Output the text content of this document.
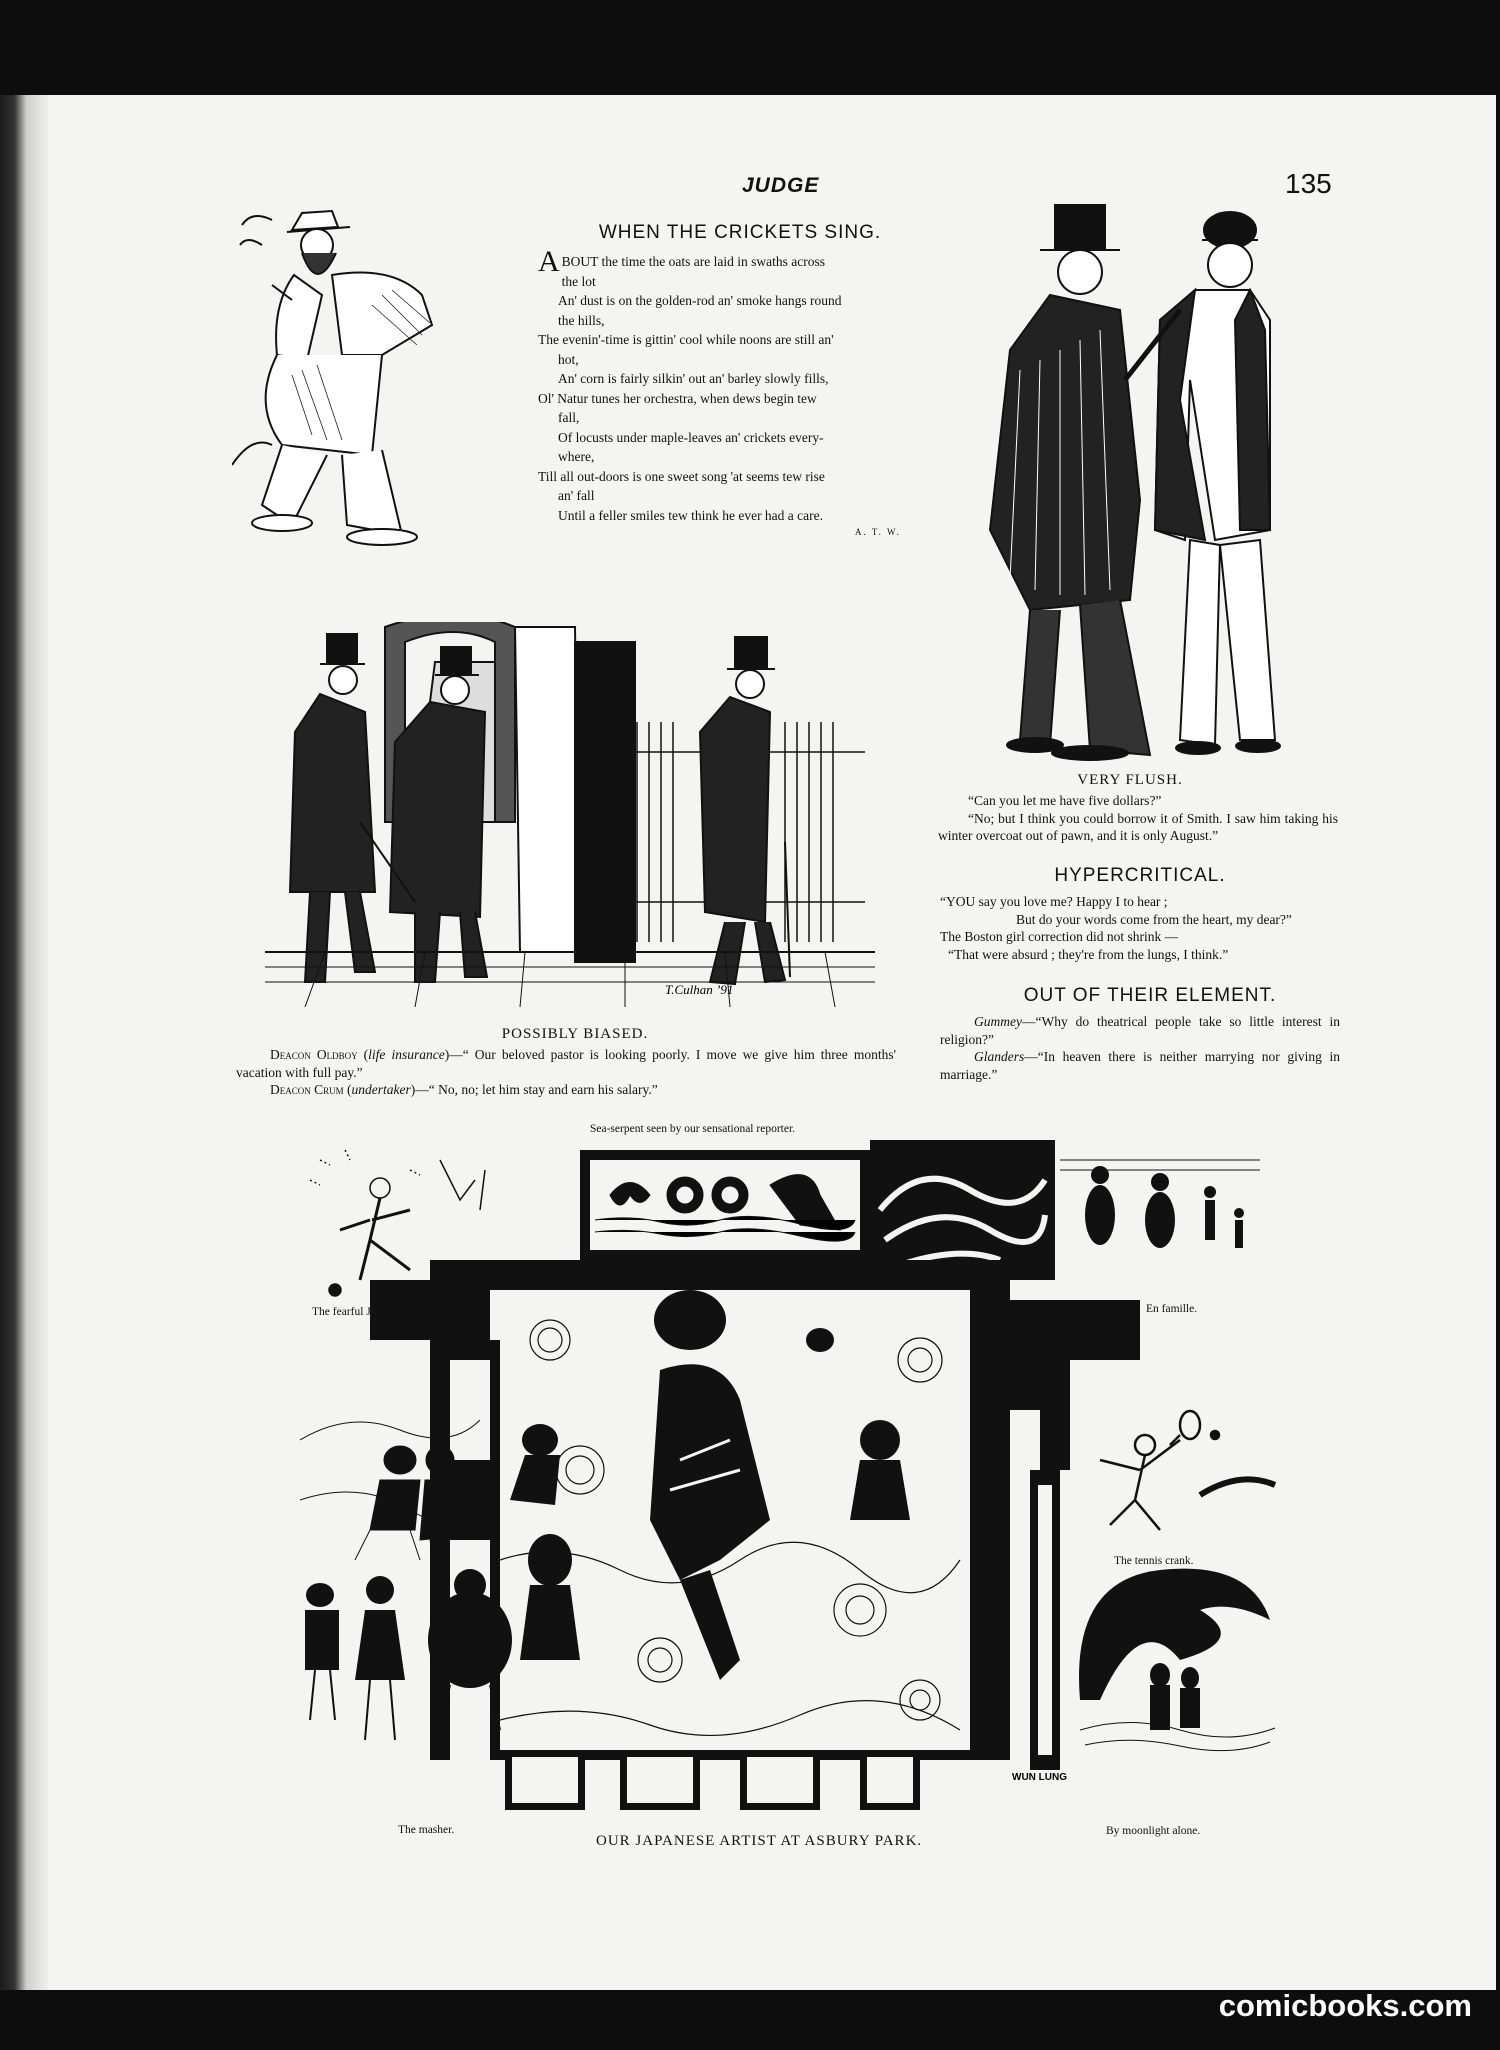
JUDGE	135
WHEN THE CRICKETS SING.
A BOUT the time the oats are laid in swaths across
the lot
An' dust is on the golden-rod an' smoke hangs round
the hills,
The evenin'-time is gittin' cool while noons are still an'
hot,
An' corn is fairly silkin' out an' barley slowly fills,
Ol' Natur tunes her orchestra, when dews begin tew
fall,
Of locusts under maple-leaves an' crickets every-
where,
Till all out-doors is one sweet song 'at seems tew rise
an' fall
Until a feller smiles tew think he ever had a care.
A. T. W.
VERY FLUSH.

“Can you let me have five dollars?”

“No; but I think you could borrow it of Smith. I saw him taking his winter overcoat out of pawn, and it is only August.”

T.Culhan ’91
POSSIBLY BIASED.

Deacon Oldboy (life insurance)—“ Our beloved pastor is looking poorly. I move we give him three months' vacation with full pay.”

Deacon Crum (undertaker)—“ No, no; let him stay and earn his salary.”

HYPERCRITICAL.

“YOU say you love me? Happy I to hear ;

But do your words come from the heart, my dear?”

The Boston girl correction did not shrink —

“That were absurd ; they're from the lungs, I think.”

OUT OF THEIR ELEMENT.

Gummey—“Why do theatrical people take so little interest in religion?”

Glanders—“In heaven there is neither marrying nor giving in marriage.”

Sea-serpent seen by our sensational reporter.
WUN LUNG
The fearful Jersey skeeter.	En famille.
Caught!
The tennis crank.
The masher.	By moonlight alone.
OUR JAPANESE ARTIST AT ASBURY PARK.
comicbooks.com
